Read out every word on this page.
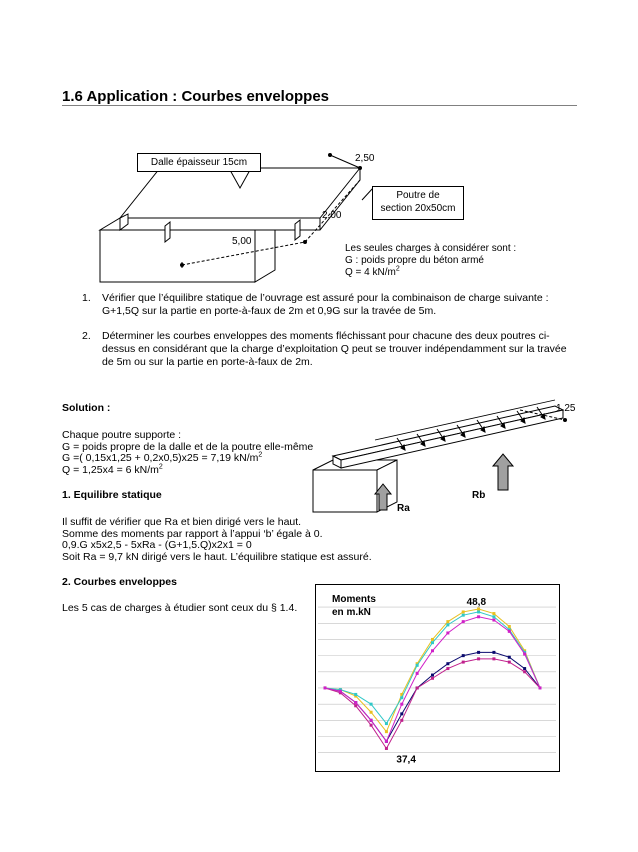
1.6 Application : Courbes enveloppes
Dalle épaisseur 15cm	2,50
Poutre de
section 20x50cm
2,00
5,00
Les seules charges à considérer sont :
G : poids propre du béton armé
Q = 4 $kN/m^2$
1. Vérifier que l’équilibre statique de l’ouvrage est assuré pour la combinaison de charge suivante :
G+1,5Q sur la partie en porte-à-faux de 2m et 0,9G sur la travée de 5m.
2. Déterminer les courbes enveloppes des moments fléchissant pour chacune des deux poutres ci-
dessus en considérant que la charge d’exploitation Q peut se trouver indépendamment sur la travée
de 5m ou sur la partie en porte-à-faux de 2m.
Solution :
Chaque poutre supporte :
G = poids propre de la dalle et de la poutre elle-même
G =( 0,15x1,25 + 0,2x0,5)x25 = 7,19 $kN/m^2$
Q = 1,25x4 = 6 $kN/m^2$
1. Equilibre statique
Il suffit de vérifier que Ra et bien dirigé vers le haut.
Somme des moments par rapport à l’appui ‘b’ égale à 0.
0,9.G x5x2,5 - 5xRa - (G+1,5.Q)x2x1 = 0
Soit Ra = 9,7 kN dirigé vers le haut. L’équilibre statique est assuré.
2. Courbes enveloppes
Les 5 cas de charges à étudier sont ceux du § 1.4.
1,25
Ra
Rb
Moments
en m.kN
48,8
37,4
